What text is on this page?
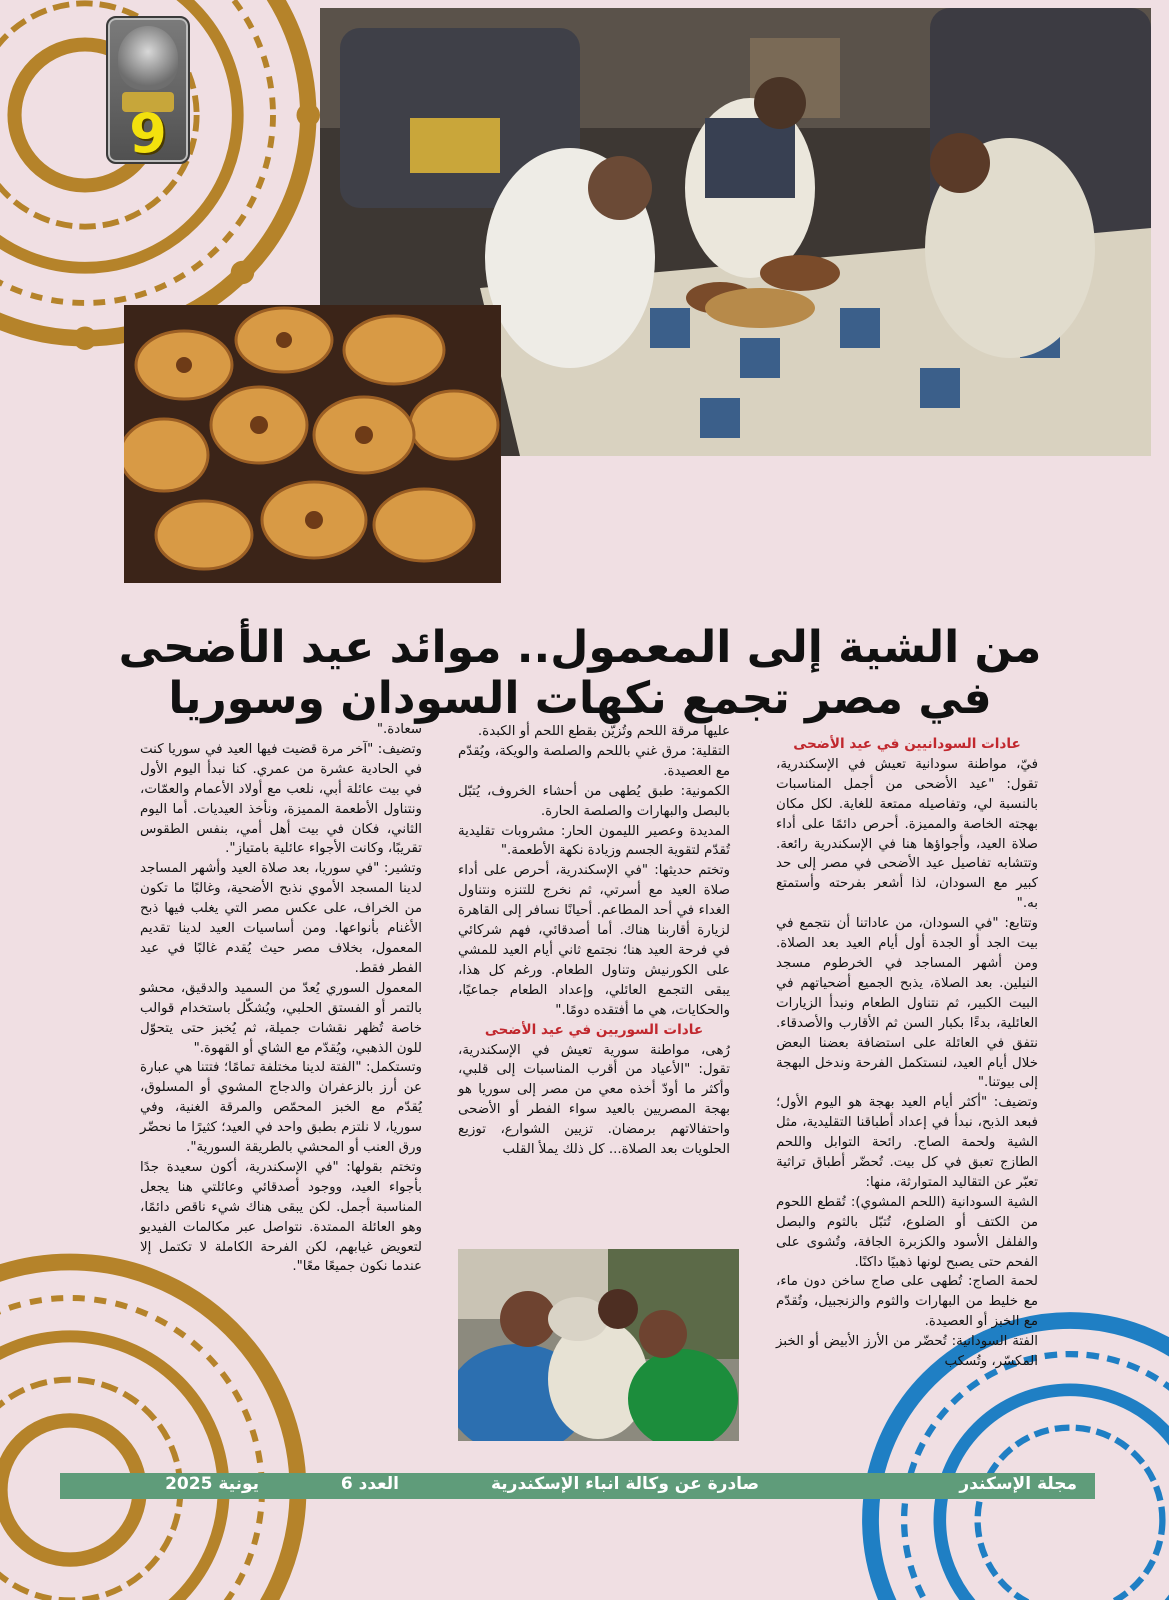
9
من الشية إلى المعمول.. موائد عيد الأضحى في مصر تجمع نكهات السودان وسوريا

عادات السودانيين في عيد الأضحى

فيّ، مواطنة سودانية تعيش في الإسكندرية، تقول: "عيد الأضحى من أجمل المناسبات بالنسبة لي، وتفاصيله ممتعة للغاية. لكل مكان بهجته الخاصة والمميزة. أحرص دائمًا على أداء صلاة العيد، وأجواؤها هنا في الإسكندرية رائعة. وتتشابه تفاصيل عيد الأضحى في مصر إلى حد كبير مع السودان، لذا أشعر بفرحته وأستمتع به."

وتتابع: "في السودان، من عاداتنا أن نتجمع في بيت الجد أو الجدة أول أيام العيد بعد الصلاة. ومن أشهر المساجد في الخرطوم مسجد النيلين. بعد الصلاة، يذبح الجميع أضحياتهم في البيت الكبير، ثم نتناول الطعام ونبدأ الزيارات العائلية، بدءًا بكبار السن ثم الأقارب والأصدقاء. نتفق في العائلة على استضافة بعضنا البعض خلال أيام العيد، لنستكمل الفرحة وندخل البهجة إلى بيوتنا."

وتضيف: "أكثر أيام العيد بهجة هو اليوم الأول؛ فبعد الذبح، نبدأ في إعداد أطباقنا التقليدية، مثل الشية ولحمة الصاج. رائحة التوابل واللحم الطازج تعبق في كل بيت. تُحضّر أطباق تراثية تعبّر عن التقاليد المتوارثة، منها:

الشية السودانية (اللحم المشوي): تُقطع اللحوم من الكتف أو الضلوع، تُتبّل بالثوم والبصل والفلفل الأسود والكزبرة الجافة، وتُشوى على الفحم حتى يصبح لونها ذهبيًا داكنًا.

لحمة الصاج: تُطهى على صاج ساخن دون ماء، مع خليط من البهارات والثوم والزنجبيل، وتُقدّم مع الخبز أو العصيدة.

الفتة السودانية: تُحضّر من الأرز الأبيض أو الخبز المكسّر، وتُسكب

عليها مرقة اللحم وتُزيّن بقطع اللحم أو الكبدة.

التقلية: مرق غني باللحم والصلصة والويكة، ويُقدّم مع العصيدة.

الكمونية: طبق يُطهى من أحشاء الخروف، يُتبّل بالبصل والبهارات والصلصة الحارة.

المديدة وعصير الليمون الحار: مشروبات تقليدية تُقدّم لتقوية الجسم وزيادة نكهة الأطعمة."

وتختم حديثها: "في الإسكندرية، أحرص على أداء صلاة العيد مع أسرتي، ثم نخرج للتنزه ونتناول الغداء في أحد المطاعم. أحيانًا نسافر إلى القاهرة لزيارة أقاربنا هناك. أما أصدقائي، فهم شركائي في فرحة العيد هنا؛ نجتمع ثاني أيام العيد للمشي على الكورنيش وتناول الطعام. ورغم كل هذا، يبقى التجمع العائلي، وإعداد الطعام جماعيًا، والحكايات، هي ما أفتقده دومًا."

عادات السوريين في عيد الأضحى

رُهى، مواطنة سورية تعيش في الإسكندرية، تقول: "الأعياد من أقرب المناسبات إلى قلبي، وأكثر ما أودّ أخذه معي من مصر إلى سوريا هو بهجة المصريين بالعيد سواء الفطر أو الأضحى واحتفالاتهم برمضان. تزيين الشوارع، توزيع الحلويات بعد الصلاة... كل ذلك يملأ القلب

سعادة."

وتضيف: "آخر مرة قضيت فيها العيد في سوريا كنت في الحادية عشرة من عمري. كنا نبدأ اليوم الأول في بيت عائلة أبي، نلعب مع أولاد الأعمام والعمّات، ونتناول الأطعمة المميزة، ونأخذ العيديات. أما اليوم الثاني، فكان في بيت أهل أمي، بنفس الطقوس تقريبًا، وكانت الأجواء عائلية بامتياز".

وتشير: "في سوريا، بعد صلاة العيد وأشهر المساجد لدينا المسجد الأموي نذبح الأضحية، وغالبًا ما تكون من الخراف، على عكس مصر التي يغلب فيها ذبح الأغنام بأنواعها. ومن أساسيات العيد لدينا تقديم المعمول، بخلاف مصر حيث يُقدم غالبًا في عيد الفطر فقط.

المعمول السوري يُعدّ من السميد والدقيق، محشو بالتمر أو الفستق الحلبي، ويُشكّل باستخدام قوالب خاصة تُظهر نقشات جميلة، ثم يُخبز حتى يتحوّل للون الذهبي، ويُقدّم مع الشاي أو القهوة."

وتستكمل: "الفتة لدينا مختلفة تمامًا؛ فتتنا هي عبارة عن أرز بالزعفران والدجاج المشوي أو المسلوق، يُقدّم مع الخبز المحمّص والمرقة الغنية، وفي سوريا، لا نلتزم بطبق واحد في العيد؛ كثيرًا ما نحضّر ورق العنب أو المحشي بالطريقة السورية".

وتختم بقولها: "في الإسكندرية، أكون سعيدة جدًا بأجواء العيد، ووجود أصدقائي وعائلتي هنا يجعل المناسبة أجمل. لكن يبقى هناك شيء ناقص دائمًا، وهو العائلة الممتدة. نتواصل عبر مكالمات الفيديو لتعويض غيابهم، لكن الفرحة الكاملة لا تكتمل إلا عندما نكون جميعًا معًا".

مجلة الإسكندر
صادرة عن وكالة انباء الإسكندرية
العدد 6
يونية 2025
